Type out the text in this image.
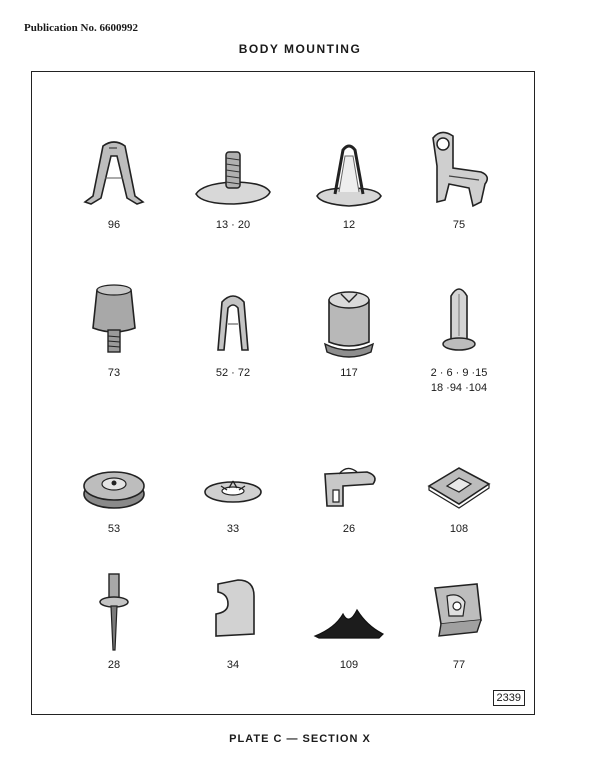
Publication No. 6600992
BODY MOUNTING
96	13 · 20	12	75
73	52 · 72	117	2 · 6 · 9 ·15
18 ·94 ·104
53	33	26	108
28	34	109	77
2339
PLATE C — SECTION X
